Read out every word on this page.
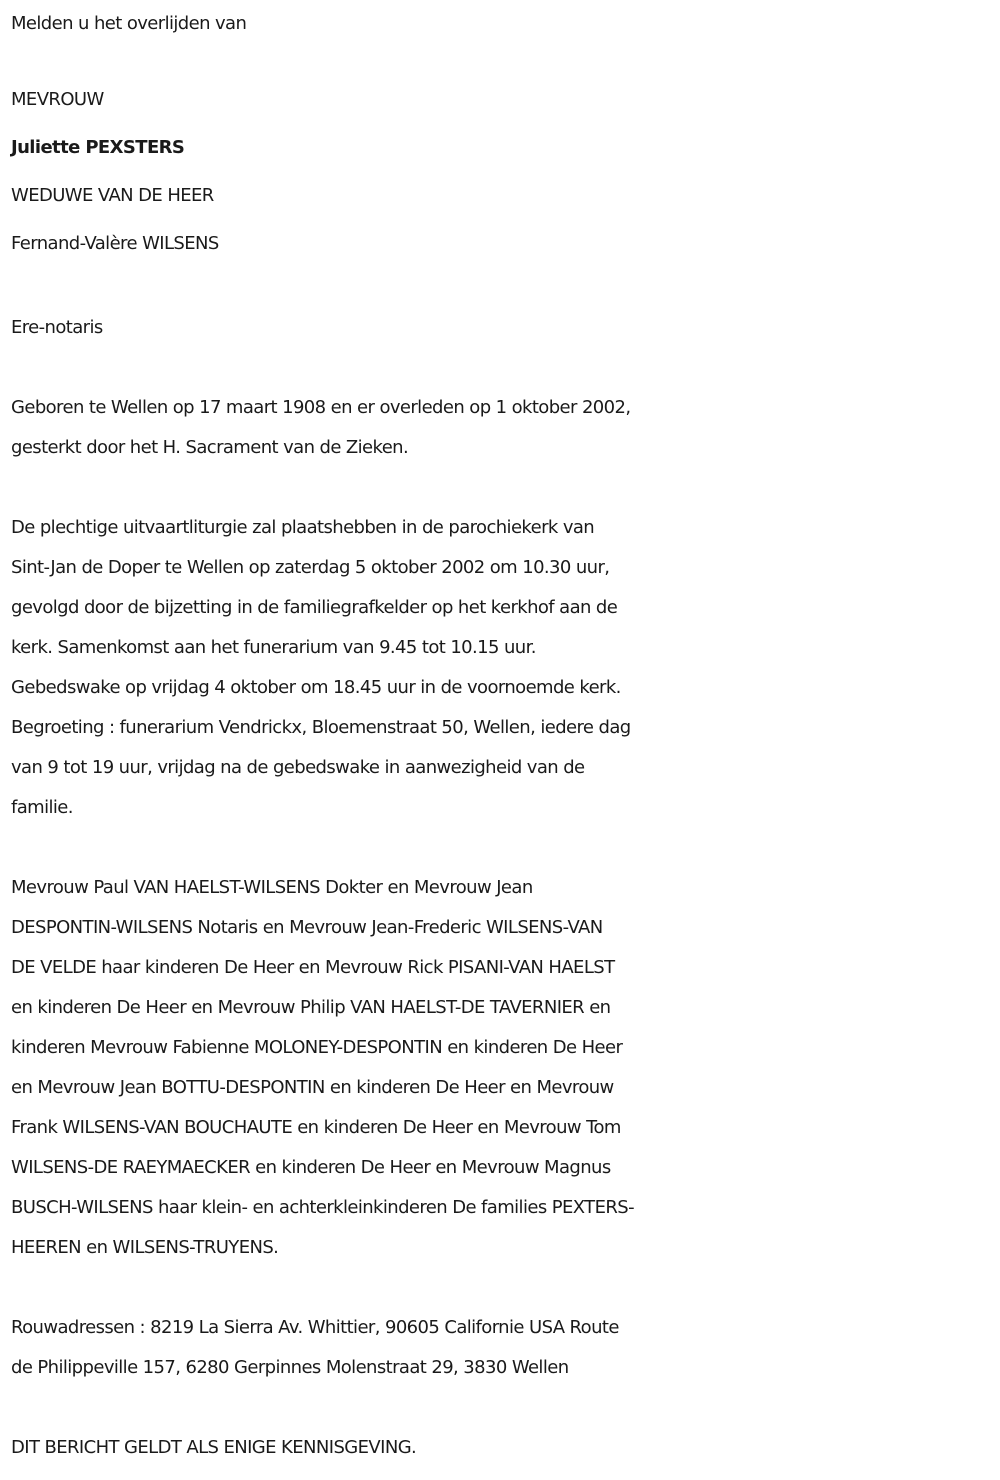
Melden u het overlijden van
MEVROUW
Juliette PEXSTERS
WEDUWE VAN DE HEER
Fernand-Valère WILSENS
Ere-notaris
Geboren te Wellen op 17 maart 1908 en er overleden op 1 oktober 2002,
gesterkt door het H. Sacrament van de Zieken.
De plechtige uitvaartliturgie zal plaatshebben in de parochiekerk van
Sint-Jan de Doper te Wellen op zaterdag 5 oktober 2002 om 10.30 uur,
gevolgd door de bijzetting in de familiegrafkelder op het kerkhof aan de
kerk. Samenkomst aan het funerarium van 9.45 tot 10.15 uur.
Gebedswake op vrijdag 4 oktober om 18.45 uur in de voornoemde kerk.
Begroeting : funerarium Vendrickx, Bloemenstraat 50, Wellen, iedere dag
van 9 tot 19 uur, vrijdag na de gebedswake in aanwezigheid van de
familie.
Mevrouw Paul VAN HAELST-WILSENS Dokter en Mevrouw Jean
DESPONTIN-WILSENS Notaris en Mevrouw Jean-Frederic WILSENS-VAN
DE VELDE haar kinderen De Heer en Mevrouw Rick PISANI-VAN HAELST
en kinderen De Heer en Mevrouw Philip VAN HAELST-DE TAVERNIER en
kinderen Mevrouw Fabienne MOLONEY-DESPONTIN en kinderen De Heer
en Mevrouw Jean BOTTU-DESPONTIN en kinderen De Heer en Mevrouw
Frank WILSENS-VAN BOUCHAUTE en kinderen De Heer en Mevrouw Tom
WILSENS-DE RAEYMAECKER en kinderen De Heer en Mevrouw Magnus
BUSCH-WILSENS haar klein- en achterkleinkinderen De families PEXTERS-
HEEREN en WILSENS-TRUYENS.
Rouwadressen : 8219 La Sierra Av. Whittier, 90605 Californie USA Route
de Philippeville 157, 6280 Gerpinnes Molenstraat 29, 3830 Wellen
DIT BERICHT GELDT ALS ENIGE KENNISGEVING.
